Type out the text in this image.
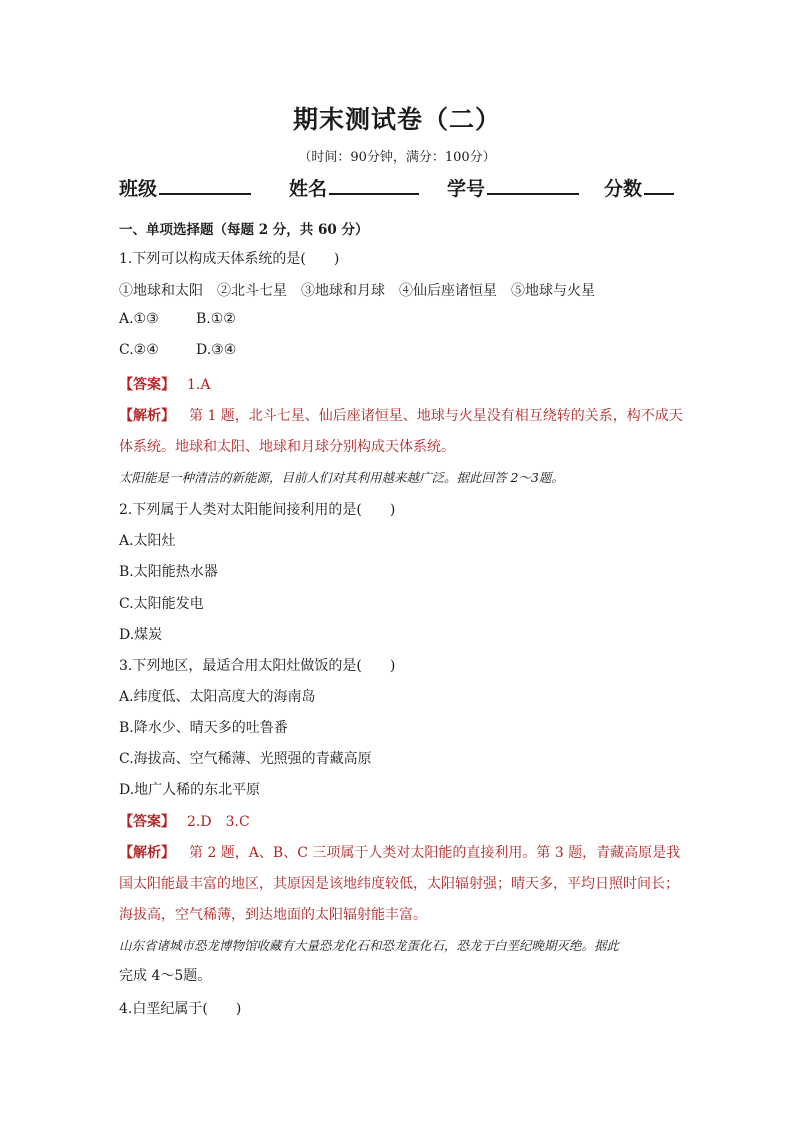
期末测试卷（二）
（时间：90分钟，满分：100分）
班级	姓名	学号	分数
一、单项选择题（每题 2 分，共 60 分）
1.下列可以构成天体系统的是(　　)
①地球和太阳　②北斗七星　③地球和月球　④仙后座诸恒星　⑤地球与火星
A.①③	B.①②
C.②④	D.③④
【答案】 1.A
【解析】 第 1 题，北斗七星、仙后座诸恒星、地球与火星没有相互绕转的关系，构不成天
体系统。地球和太阳、地球和月球分别构成天体系统。
太阳能是一种清洁的新能源，目前人们对其利用越来越广泛。据此回答 2～3题。
2.下列属于人类对太阳能间接利用的是(　　)
A.太阳灶
B.太阳能热水器
C.太阳能发电
D.煤炭
3.下列地区，最适合用太阳灶做饭的是(　　)
A.纬度低、太阳高度大的海南岛
B.降水少、晴天多的吐鲁番
C.海拔高、空气稀薄、光照强的青藏高原
D.地广人稀的东北平原
【答案】 2.D　3.C
【解析】 第 2 题，A、B、C 三项属于人类对太阳能的直接利用。第 3 题，青藏高原是我
国太阳能最丰富的地区，其原因是该地纬度较低，太阳辐射强；晴天多，平均日照时间长；
海拔高，空气稀薄，到达地面的太阳辐射能丰富。
山东省诸城市恐龙博物馆收藏有大量恐龙化石和恐龙蛋化石，恐龙于白垩纪晚期灭绝。据此
完成 4～5题。
4.白垩纪属于(　　)
